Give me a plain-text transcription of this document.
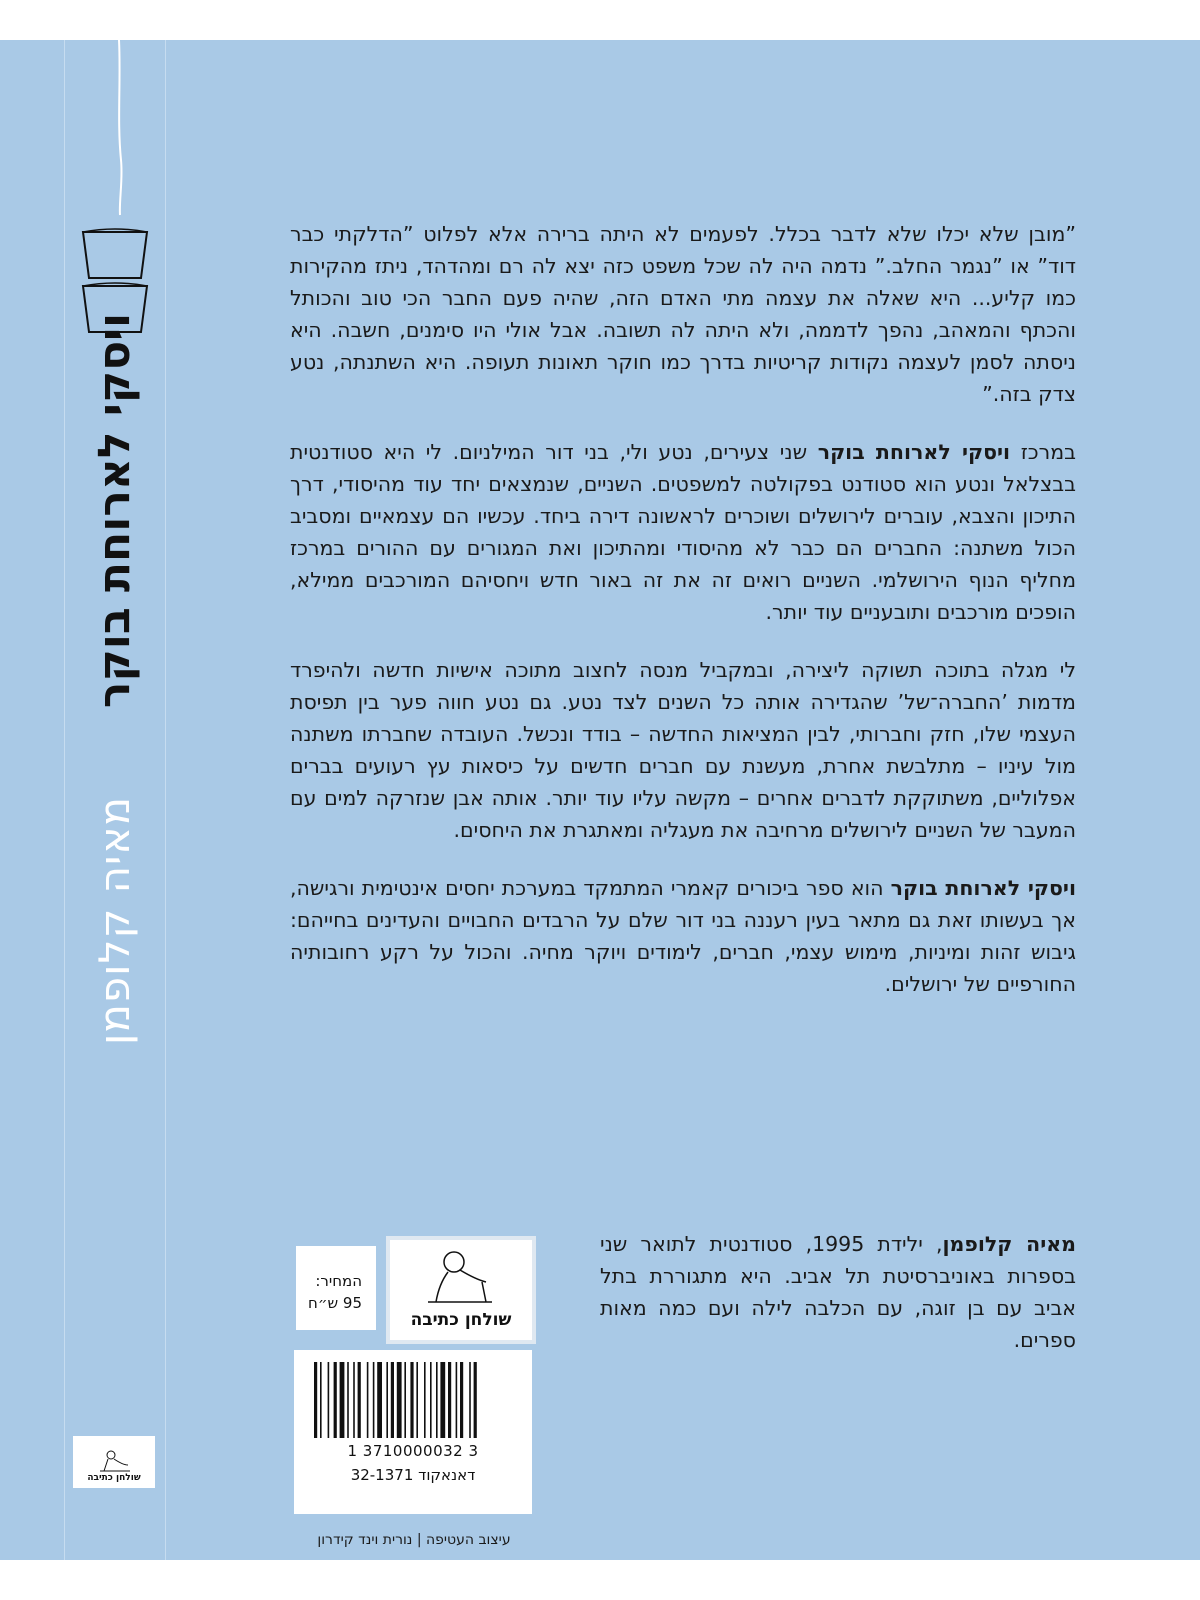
ויסקי לארוחת בוקר
מאיה קלופמן
שולחן כתיבה

”מובן שלא יכלו שלא לדבר בכלל. לפעמים לא היתה ברירה אלא לפלוט ”הדלקתי כבר דוד” או ”נגמר החלב.” נדמה היה לה שכל משפט כזה יצא לה רם ומהדהד, ניתז מהקירות כמו קליע... היא שאלה את עצמה מתי האדם הזה, שהיה פעם החבר הכי טוב והכותל והכתף והמאהב, נהפך לדממה, ולא היתה לה תשובה. אבל אולי היו סימנים, חשבה. היא ניסתה לסמן לעצמה נקודות קריטיות בדרך כמו חוקר תאונות תעופה. היא השתנתה, נטע צדק בזה.”

במרכז ויסקי לארוחת בוקר שני צעירים, נטע ולי, בני דור המילניום. לי היא סטודנטית בבצלאל ונטע הוא סטודנט בפקולטה למשפטים. השניים, שנמצאים יחד עוד מהיסודי, דרך התיכון והצבא, עוברים לירושלים ושוכרים לראשונה דירה ביחד. עכשיו הם עצמאיים ומסביב הכול משתנה: החברים הם כבר לא מהיסודי ומהתיכון ואת המגורים עם ההורים במרכז מחליף הנוף הירושלמי. השניים רואים זה את זה באור חדש ויחסיהם המורכבים ממילא, הופכים מורכבים ותובעניים עוד יותר.

לי מגלה בתוכה תשוקה ליצירה, ובמקביל מנסה לחצוב מתוכה אישיות חדשה ולהיפרד מדמות ’החברה־של’ שהגדירה אותה כל השנים לצד נטע. גם נטע חווה פער בין תפיסת העצמי שלו, חזק וחברותי, לבין המציאות החדשה – בודד ונכשל. העובדה שחברתו משתנה מול עיניו – מתלבשת אחרת, מעשנת עם חברים חדשים על כיסאות עץ רעועים בברים אפלוליים, משתוקקת לדברים אחרים – מקשה עליו עוד יותר. אותה אבן שנזרקה למים עם המעבר של השניים לירושלים מרחיבה את מעגליה ומאתגרת את היחסים.

ויסקי לארוחת בוקר הוא ספר ביכורים קאמרי המתמקד במערכת יחסים אינטימית ורגישה, אך בעשותו זאת גם מתאר בעין רעננה בני דור שלם על הרבדים החבויים והעדינים בחייהם: גיבוש זהות ומיניות, מימוש עצמי, חברים, לימודים ויוקר מחיה. והכול על רקע רחובותיה החורפיים של ירושלים.

מאיה קלופמן, ילידת 1995, סטודנטית לתואר שני בספרות באוניברסיטת תל אביב. היא מתגוררת בתל אביב עם בן זוגה, עם הכלבה לילה ועם כמה מאות ספרים.
המחיר:
95 ש״ח
שולחן כתיבה
1 3710000032 3
דאנאקוד 32-1371
עיצוב העטיפה | נורית וינד קידרון
